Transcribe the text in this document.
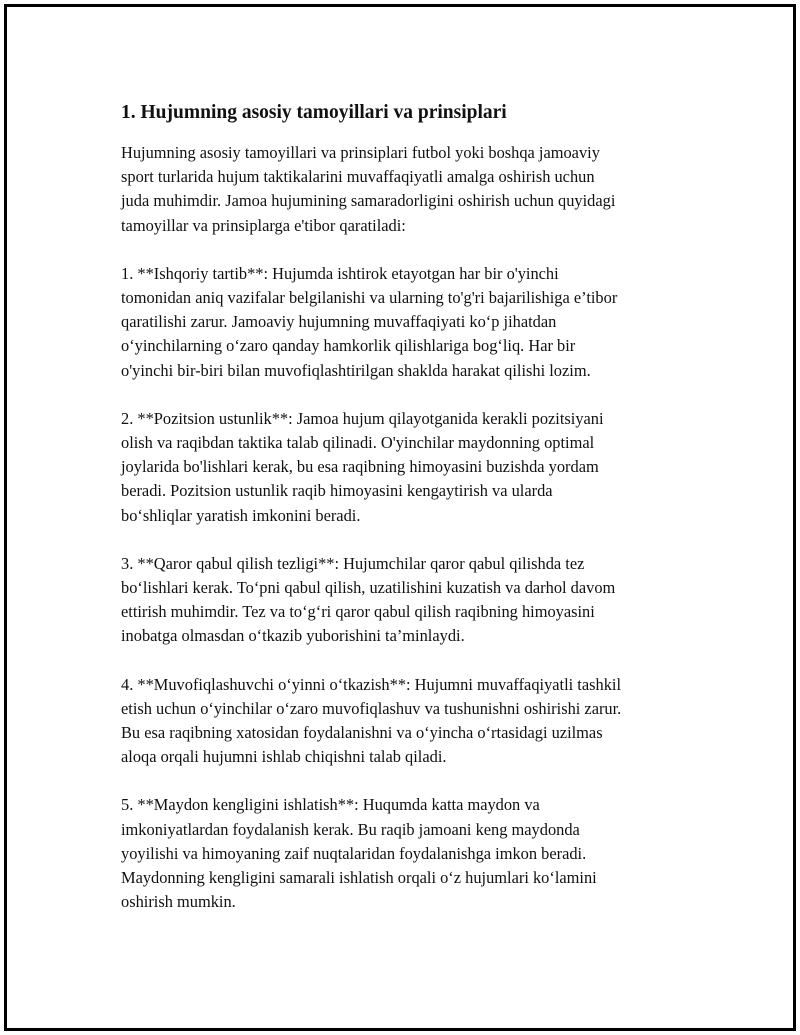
1. Hujumning asosiy tamoyillari va prinsiplari

Hujumning asosiy tamoyillari va prinsiplari futbol yoki boshqa jamoaviy
sport turlarida hujum taktikalarini muvaffaqiyatli amalga oshirish uchun
juda muhimdir. Jamoa hujumining samaradorligini oshirish uchun quyidagi
tamoyillar va prinsiplarga e'tibor qaratiladi:

1. **Ishqoriy tartib**: Hujumda ishtirok etayotgan har bir o'yinchi
tomonidan aniq vazifalar belgilanishi va ularning to'g'ri bajarilishiga e’tibor
qaratilishi zarur. Jamoaviy hujumning muvaffaqiyati ko‘p jihatdan
o‘yinchilarning o‘zaro qanday hamkorlik qilishlariga bog‘liq. Har bir
o'yinchi bir-biri bilan muvofiqlashtirilgan shaklda harakat qilishi lozim.

2. **Pozitsion ustunlik**: Jamoa hujum qilayotganida kerakli pozitsiyani
olish va raqibdan taktika talab qilinadi. O'yinchilar maydonning optimal
joylarida bo'lishlari kerak, bu esa raqibning himoyasini buzishda yordam
beradi. Pozitsion ustunlik raqib himoyasini kengaytirish va ularda
bo‘shliqlar yaratish imkonini beradi.

3. **Qaror qabul qilish tezligi**: Hujumchilar qaror qabul qilishda tez
bo‘lishlari kerak. To‘pni qabul qilish, uzatilishini kuzatish va darhol davom
ettirish muhimdir. Tez va to‘g‘ri qaror qabul qilish raqibning himoyasini
inobatga olmasdan o‘tkazib yuborishini ta’minlaydi.

4. **Muvofiqlashuvchi o‘yinni o‘tkazish**: Hujumni muvaffaqiyatli tashkil
etish uchun o‘yinchilar o‘zaro muvofiqlashuv va tushunishni oshirishi zarur.
Bu esa raqibning xatosidan foydalanishni va o‘yincha o‘rtasidagi uzilmas
aloqa orqali hujumni ishlab chiqishni talab qiladi.

5. **Maydon kengligini ishlatish**: Huqumda katta maydon va
imkoniyatlardan foydalanish kerak. Bu raqib jamoani keng maydonda
yoyilishi va himoyaning zaif nuqtalaridan foydalanishga imkon beradi.
Maydonning kengligini samarali ishlatish orqali o‘z hujumlari ko‘lamini
oshirish mumkin.
